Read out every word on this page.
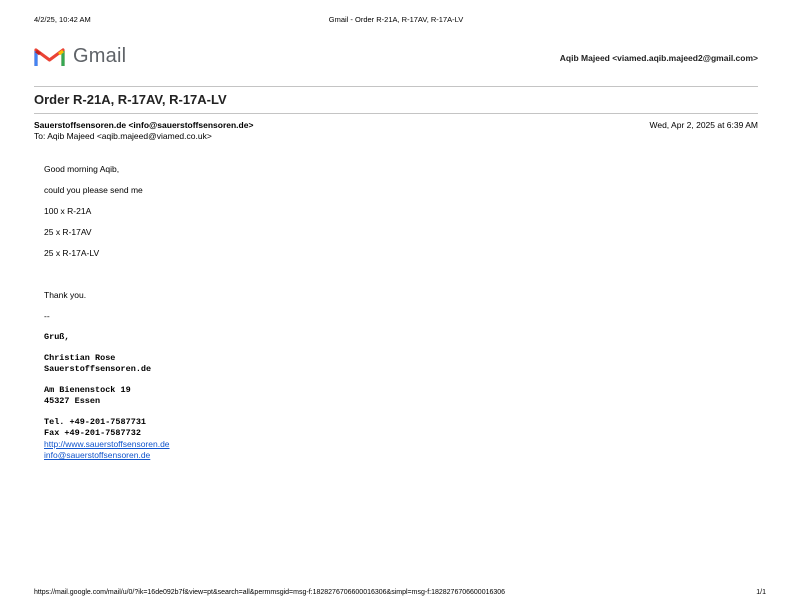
4/2/25, 10:42 AM	Gmail - Order R-21A, R-17AV, R-17A-LV
Gmail	Aqib Majeed <viamed.aqib.majeed2@gmail.com>
Order R-21A, R-17AV, R-17A-LV
Sauerstoffsensoren.de <info@sauerstoffsensoren.de>	Wed, Apr 2, 2025 at 6:39 AM
To: Aqib Majeed <aqib.majeed@viamed.co.uk>

Good morning Aqib,

could you please send me

100 x R-21A

25 x R-17AV

25 x R-17A-LV

Thank you.

--

Gruß,

Christian Rose

Sauerstoffsensoren.de

Am Bienenstock 19

45327 Essen

Tel. +49-201-7587731

Fax +49-201-7587732

http://www.sauerstoffsensoren.de

info@sauerstoffsensoren.de

https://mail.google.com/mail/u/0/?ik=16de092b7f&view=pt&search=all&permmsgid=msg-f:1828276706600016306&simpl=msg-f:1828276706600016306	1/1
